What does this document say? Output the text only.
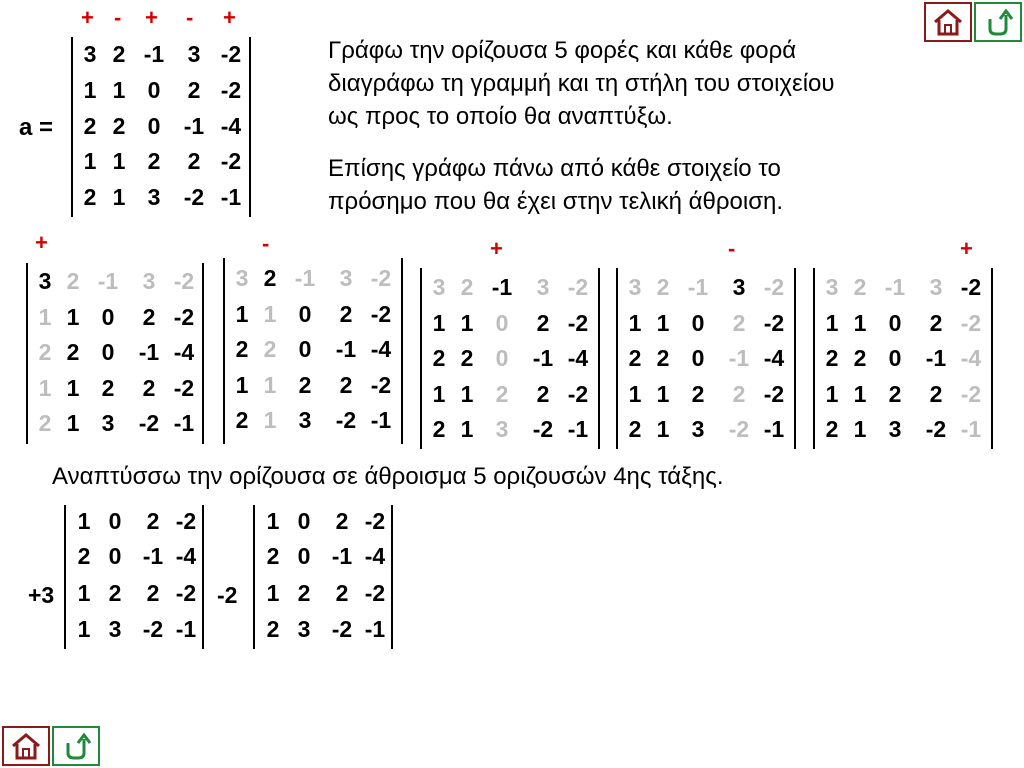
+ - + - +
a =
3 2 -1	3 -2
1 1 0	2 -2
2 2 0	-1 -4
1 1 2	2 -2
2 1 3	-2 -1
Γράφω την ορίζουσα 5 φορές και κάθε φορά
διαγράφω τη γραμμή και τη στήλη του στοιχείου
ως προς το οποίο θα αναπτύξω.
Επίσης γράφω πάνω από κάθε στοιχείο το
πρόσημο που θα έχει στην τελική άθροιση.
+
3 2 -1	3 -2
1 1 0	2 -2
2 2 0	-1 -4
1 1 2	2 -2
2 1 3	-2 -1
-
3 2 -1	3 -2
1 1 0	2 -2
2 2 0	-1 -4
1 1 2	2 -2
2 1 3	-2 -1
+
3 2 -1	3 -2
1 1 0	2 -2
2 2 0	-1 -4
1 1 2	2 -2
2 1 3	-2 -1
-
3 2 -1	3 -2
1 1 0	2 -2
2 2 0	-1 -4
1 1 2	2 -2
2 1 3	-2 -1
+
3 2 -1	3 -2
1 1 0	2 -2
2 2 0	-1 -4
1 1 2	2 -2
2 1 3	-2 -1
Αναπτύσσω την ορίζουσα σε άθροισμα 5 οριζουσών 4ης τάξης.
+3
1 0	2 -2
2 0 -1 -4
1 2	2 -2
1 3 -2 -1
-2
1 0	2 -2
2 0 -1 -4
1 2	2 -2
2 3 -2 -1
